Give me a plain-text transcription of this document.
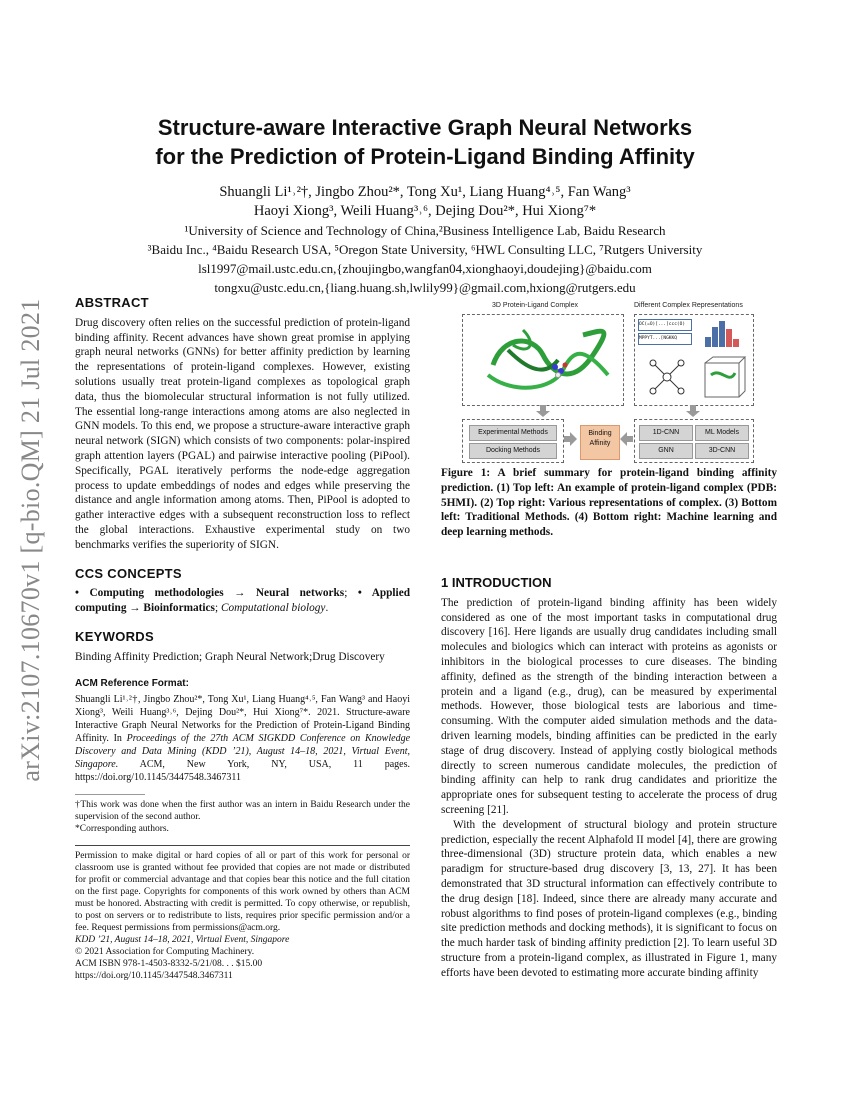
arXiv:2107.10670v1 [q-bio.QM] 21 Jul 2021
Structure-aware Interactive Graph Neural Networks
for the Prediction of Protein-Ligand Binding Affinity
Shuangli Li¹˒²†, Jingbo Zhou²*, Tong Xu¹, Liang Huang⁴˒⁵, Fan Wang³
Haoyi Xiong³, Weili Huang³˒⁶, Dejing Dou²*, Hui Xiong⁷*
¹University of Science and Technology of China,²Business Intelligence Lab, Baidu Research
³Baidu Inc., ⁴Baidu Research USA, ⁵Oregon State University, ⁶HWL Consulting LLC, ⁷Rutgers University
lsl1997@mail.ustc.edu.cn,{zhoujingbo,wangfan04,xionghaoyi,doudejing}@baidu.com
tongxu@ustc.edu.cn,{liang.huang.sh,lwlily99}@gmail.com,hxiong@rutgers.edu
ABSTRACT

Drug discovery often relies on the successful prediction of protein-ligand binding affinity. Recent advances have shown great promise in applying graph neural networks (GNNs) for better affinity prediction by learning the representations of protein-ligand complexes. However, existing solutions usually treat protein-ligand complexes as topological graph data, thus the biomolecular structural information is not fully utilized. The essential long-range interactions among atoms are also neglected in GNN models. To this end, we propose a structure-aware interactive graph neural network (SIGN) which consists of two components: polar-inspired graph attention layers (PGAL) and pairwise interactive pooling (PiPool). Specifically, PGAL iteratively performs the node-edge aggregation process to update embeddings of nodes and edges while preserving the distance and angle information among atoms. Then, PiPool is adopted to gather interactive edges with a subsequent reconstruction loss to reflect the global interactions. Exhaustive experimental study on two benchmarks verifies the superiority of SIGN.

CCS CONCEPTS

• Computing methodologies → Neural networks; • Applied computing → Bioinformatics; Computational biology.

KEYWORDS

Binding Affinity Prediction; Graph Neural Network;Drug Discovery

ACM Reference Format:

Shuangli Li¹˒²†, Jingbo Zhou²*, Tong Xu¹, Liang Huang⁴˒⁵, Fan Wang³ and Haoyi Xiong³, Weili Huang³˒⁶, Dejing Dou²*, Hui Xiong⁷*. 2021. Structure-aware Interactive Graph Neural Networks for the Prediction of Protein-Ligand Binding Affinity. In Proceedings of the 27th ACM SIGKDD Conference on Knowledge Discovery and Data Mining (KDD ’21), August 14–18, 2021, Virtual Event, Singapore. ACM, New York, NY, USA, 11 pages. https://doi.org/10.1145/3447548.3467311

†This work was done when the first author was an intern in Baidu Research under the supervision of the second author.

*Corresponding authors.

Permission to make digital or hard copies of all or part of this work for personal or classroom use is granted without fee provided that copies are not made or distributed for profit or commercial advantage and that copies bear this notice and the full citation on the first page. Copyrights for components of this work owned by others than ACM must be honored. Abstracting with credit is permitted. To copy otherwise, or republish, to post on servers or to redistribute to lists, requires prior specific permission and/or a fee. Request permissions from permissions@acm.org.

KDD ’21, August 14–18, 2021, Virtual Event, Singapore

© 2021 Association for Computing Machinery.

ACM ISBN 978-1-4503-8332-5/21/08. . . $15.00

https://doi.org/10.1145/3447548.3467311

3D Protein-Ligand Complex	Different Complex Representations
OC(=O)[...]ccc(O)
MPPYT...[NGKKQ
Experimental Methods
Docking Methods
Binding Affinity
1D-CNN	ML Models
GNN	3D-CNN
Figure 1: A brief summary for protein-ligand binding affinity prediction. (1) Top left: An example of protein-ligand complex (PDB: 5HMI). (2) Top right: Various representations of complex. (3) Bottom left: Traditional Methods. (4) Bottom right: Machine learning and deep learning methods.
1 INTRODUCTION

The prediction of protein-ligand binding affinity has been widely considered as one of the most important tasks in computational drug discovery [16]. Here ligands are usually drug candidates including small molecules and biologics which can interact with proteins as agonists or inhibitors in the biological processes to cure diseases. The binding affinity, defined as the strength of the binding interaction between a protein and a ligand (e.g., drug), can be measured by experimental methods. However, those biological tests are laborious and time-consuming. With the computer aided simulation methods and the data-driven learning models, binding affinities can be predicted in the early stage of drug discovery. Instead of applying costly biological methods directly to screen numerous candidate molecules, the prediction of binding affinity can help to rank drug candidates and prioritize the appropriate ones for subsequent testing to accelerate the process of drug screening [21].

With the development of structural biology and protein structure prediction, especially the recent Alphafold II model [4], there are growing three-dimensional (3D) structure protein data, which enables a new paradigm for structure-based drug discovery [3, 13, 27]. It has been demonstrated that 3D structural information can effectively contribute to the drug design [18]. Indeed, since there are already many accurate and robust algorithms to find poses of protein-ligand complexes (e.g., binding site prediction methods and docking methods), it is significant to focus on the much harder task of binding affinity prediction [2]. To learn useful 3D structure from a protein-ligand complex, as illustrated in Figure 1, many efforts have been devoted to estimating more accurate binding affinity
